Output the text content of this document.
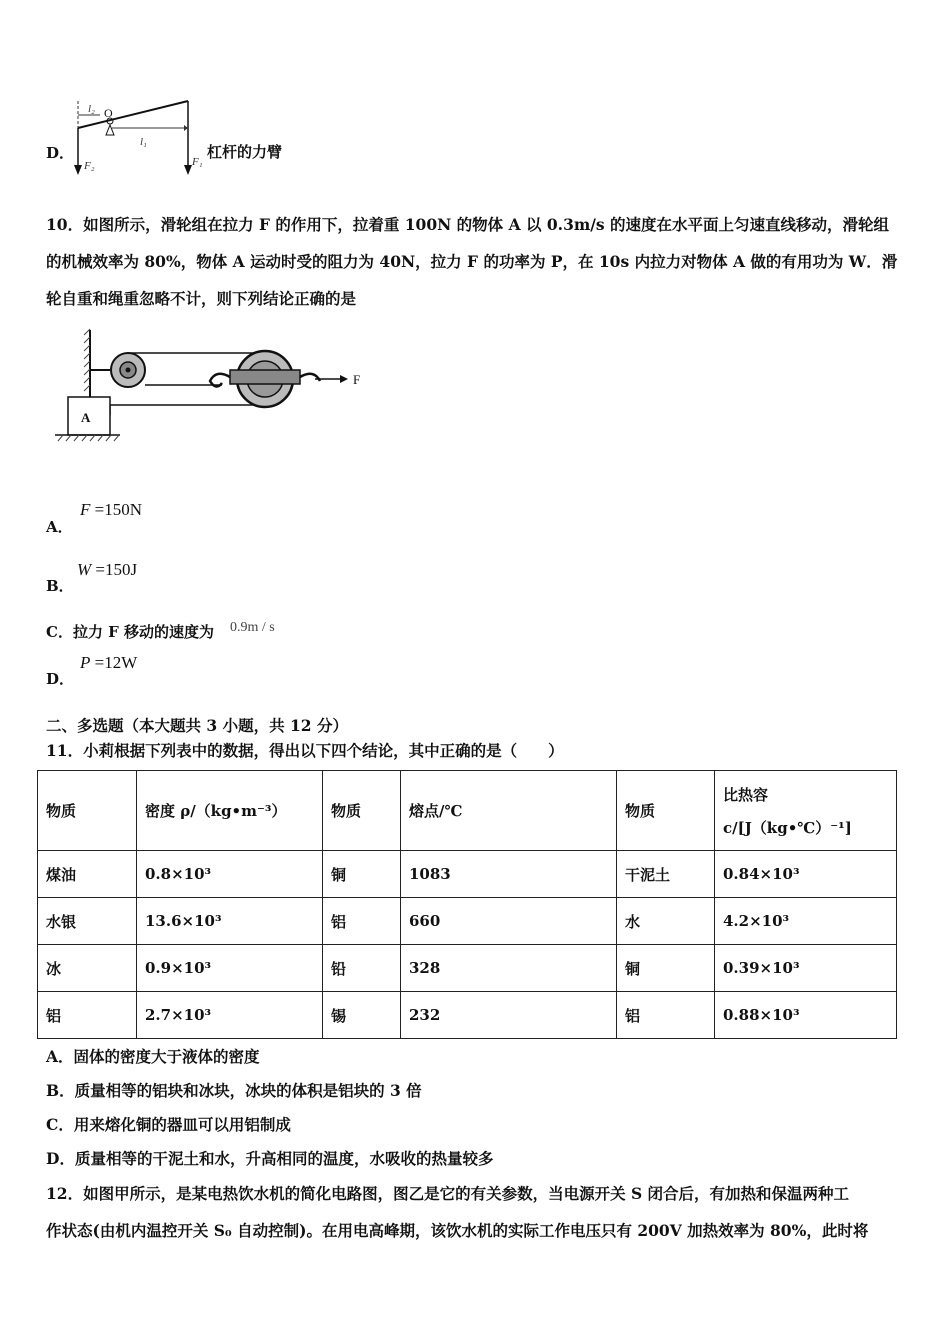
D．
l₂ O
l₁
F₂	F₁
杠杆的力臂
10．如图所示，滑轮组在拉力 F 的作用下，拉着重 100N 的物体 A 以 0.3m/s 的速度在水平面上匀速直线移动，滑轮组
的机械效率为 80%，物体 A 运动时受的阻力为 40N，拉力 F 的功率为 P，在 10s 内拉力对物体 A 做的有用功为 W．滑
轮自重和绳重忽略不计，则下列结论正确的是
F
A
A．
F =150N
B．
W =150J
C．拉力 F 移动的速度为 0.9m / s
D．
P =12W
二、多选题（本大题共 3 小题，共 12 分）
11．小莉根据下列表中的数据，得出以下四个结论，其中正确的是（　　）
物质	密度 ρ/（kg•m⁻³）	物质	熔点/℃	物质	比热容
c/[J（kg•℃）⁻¹]

煤油	0.8×10³	铜	1083	干泥土	0.84×10³
水银	13.6×10³	铝	660	水	4.2×10³
冰	0.9×10³	铅	328	铜	0.39×10³
铝	2.7×10³	锡	232	铝	0.88×10³
A．固体的密度大于液体的密度
B．质量相等的铝块和冰块，冰块的体积是铝块的 3 倍
C．用来熔化铜的器皿可以用铝制成
D．质量相等的干泥土和水，升高相同的温度，水吸收的热量较多
12．如图甲所示，是某电热饮水机的简化电路图，图乙是它的有关参数，当电源开关 S 闭合后，有加热和保温两种工
作状态(由机内温控开关 S₀ 自动控制)。在用电高峰期，该饮水机的实际工作电压只有 200V 加热效率为 80%，此时将
